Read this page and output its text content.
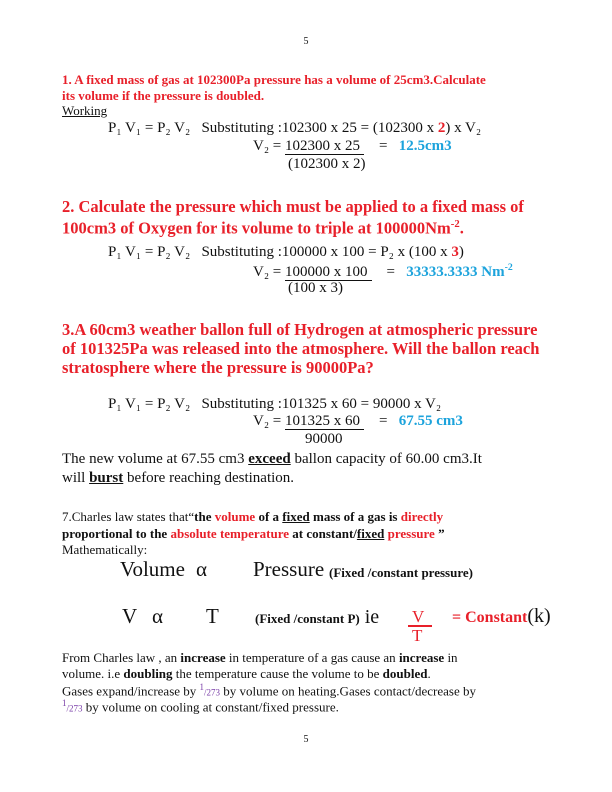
5
1. A fixed mass of gas at 102300Pa pressure has a volume of 25cm3.Calculate
its volume if the pressure is doubled.
Working
P₁ V₁ = P₂ V₂ Substituting :102300 x 25 = (102300 x 2) x V₂
V₂ = 102300 x 25 = 12.5cm3
(102300 x 2)
2. Calculate the pressure which must be applied to a fixed mass of
100cm3 of Oxygen for its volume to triple at $100000Nm^{-2}$.
P₁ V₁ = P₂ V₂ Substituting :100000 x 100 = P₂ x (100 x 3)
V₂ = 100000 x 100 = 33333.3333 $Nm^{-2}$
(100 x 3)
3.A 60cm3 weather ballon full of Hydrogen at atmospheric pressure
of 101325Pa was released into the atmosphere. Will the ballon reach
stratosphere where the pressure is 90000Pa?
P₁ V₁ = P₂ V₂ Substituting :101325 x 60 = 90000 x V₂
V₂ = 101325 x 60 = 67.55 cm3
90000
The new volume at 67.55 cm3 exceed ballon capacity of 60.00 cm3.It
will burst before reaching destination.
7.Charles law states that“the volume of a fixed mass of a gas is directly
proportional to the absolute temperature at constant/fixed pressure ”
Mathematically:
Volume α Pressure (Fixed /constant pressure)
V α T	(Fixed /constant P) ie V
T
= Constant(k)
From Charles law , an increase in temperature of a gas cause an increase in
volume. i.e doubling the temperature cause the volume to be doubled.
Gases expand/increase by $^1$/273 by volume on heating.Gases contact/decrease by
$^1$/273 by volume on cooling at constant/fixed pressure.
5
